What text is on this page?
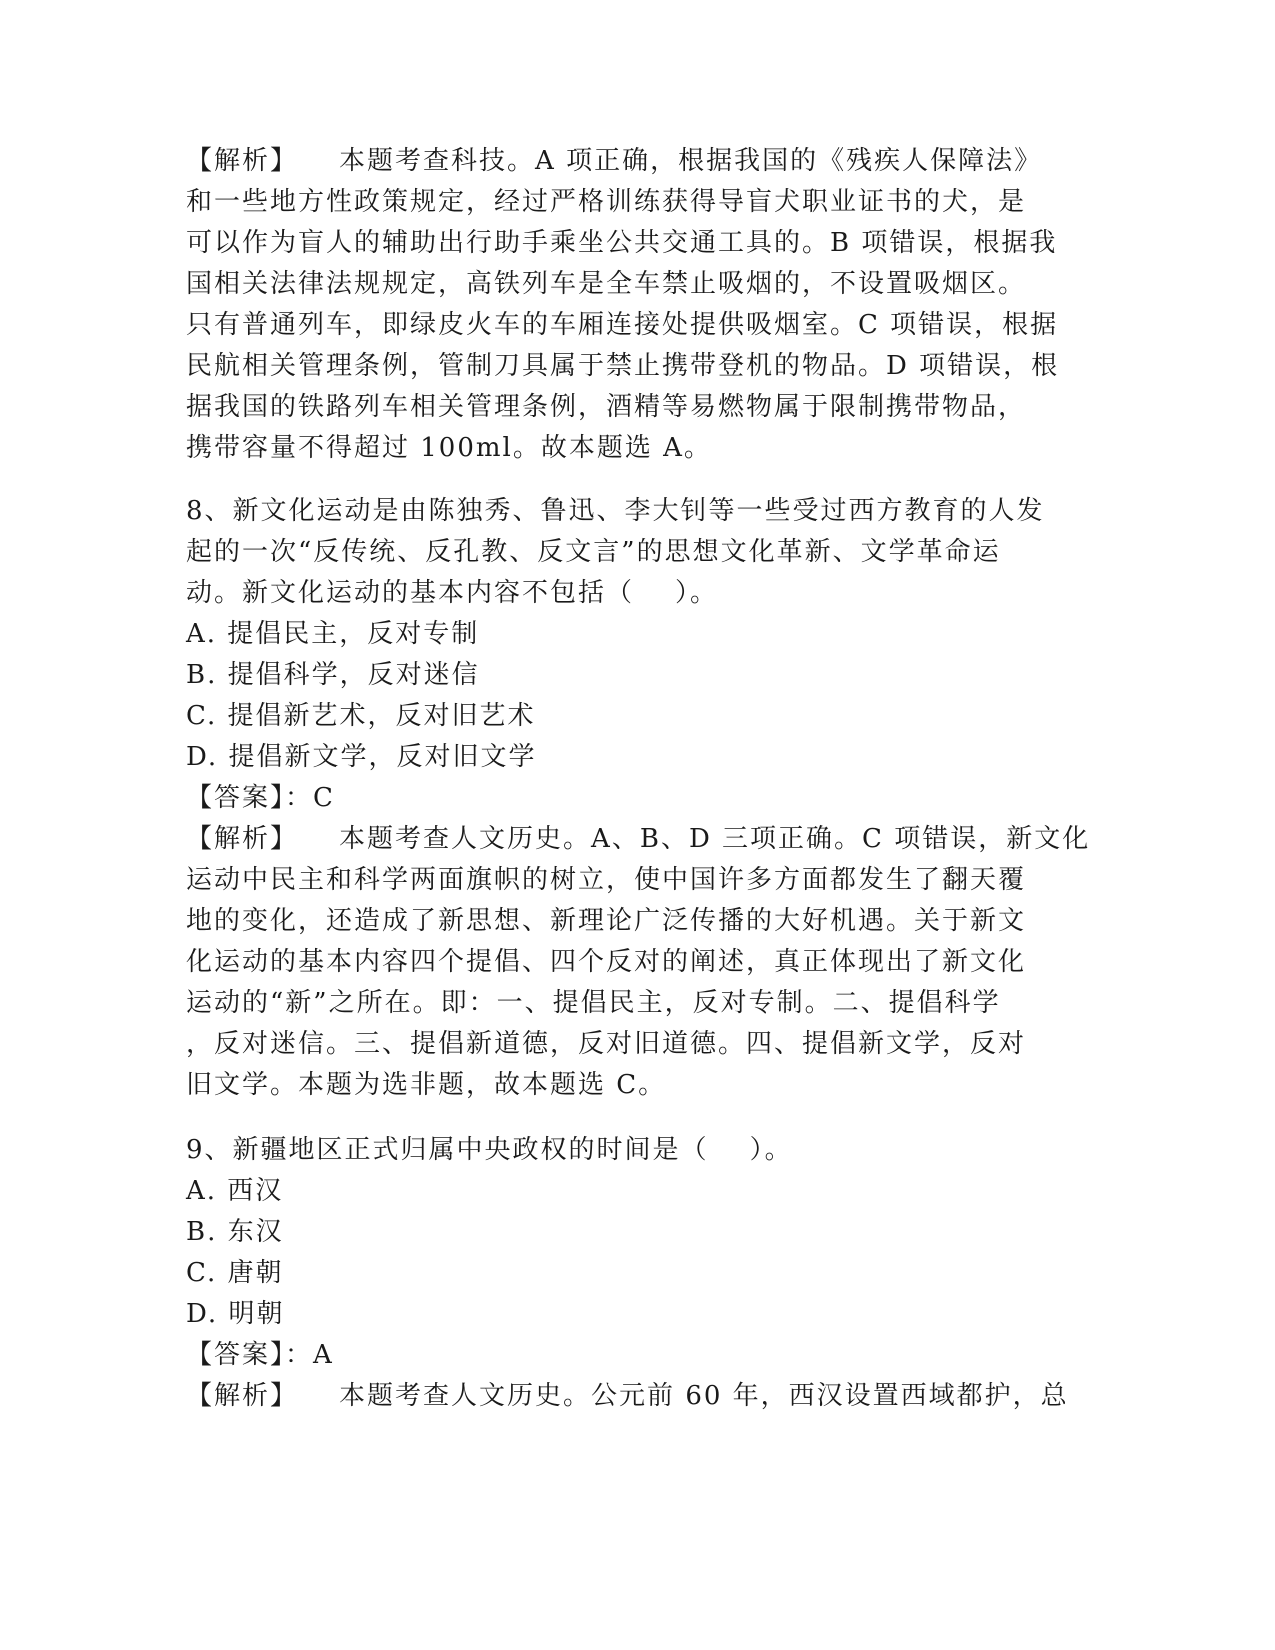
【解析】    本题考查科技。A 项正确，根据我国的《残疾人保障法》
和一些地方性政策规定，经过严格训练获得导盲犬职业证书的犬，是
可以作为盲人的辅助出行助手乘坐公共交通工具的。B 项错误，根据我
国相关法律法规规定，高铁列车是全车禁止吸烟的，不设置吸烟区。
只有普通列车，即绿皮火车的车厢连接处提供吸烟室。C 项错误，根据
民航相关管理条例，管制刀具属于禁止携带登机的物品。D 项错误，根
据我国的铁路列车相关管理条例，酒精等易燃物属于限制携带物品，
携带容量不得超过 100ml。故本题选 A。
8、新文化运动是由陈独秀、鲁迅、李大钊等一些受过西方教育的人发
起的一次“反传统、反孔教、反文言”的思想文化革新、文学革命运
动。新文化运动的基本内容不包括（    ）。
A. 提倡民主，反对专制
B. 提倡科学，反对迷信
C. 提倡新艺术，反对旧艺术
D. 提倡新文学，反对旧文学
【答案】：C
【解析】    本题考查人文历史。A、B、D 三项正确。C 项错误，新文化
运动中民主和科学两面旗帜的树立，使中国许多方面都发生了翻天覆
地的变化，还造成了新思想、新理论广泛传播的大好机遇。关于新文
化运动的基本内容四个提倡、四个反对的阐述，真正体现出了新文化
运动的“新”之所在。即：一、提倡民主，反对专制。二、提倡科学
，反对迷信。三、提倡新道德，反对旧道德。四、提倡新文学，反对
旧文学。本题为选非题，故本题选 C。
9、新疆地区正式归属中央政权的时间是（    ）。
A. 西汉
B. 东汉
C. 唐朝
D. 明朝
【答案】：A
【解析】    本题考查人文历史。公元前 60 年，西汉设置西域都护，总
